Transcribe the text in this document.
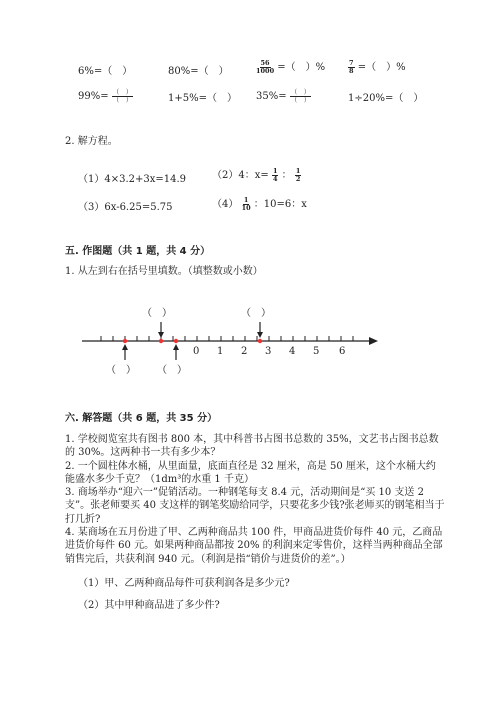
6%=（　）	80%=（　）	$\frac{56}{1000}$ =（　）%	$\frac{7}{8}$ =（　）%
$99\%= \frac{( )}{( )}$	1+5%=（　） $35\%= \frac{( )}{( )}$	1÷20%=（　）
2. 解方程。
（1）4×3.2+3x=14.9	（2）4：$x= \frac{1}{4}$ ： $\frac{1}{2}$
（3）6x-6.25=5.75	$(4) \frac{1}{10}$ ：10=6：x
五. 作图题（共 1 题，共 4 分）
1. 从左到右在括号里填数。（填整数或小数）
0 1 2 3 4 5 6
（　）	（　）
（　） （　）
六. 解答题（共 6 题，共 35 分）

1. 学校阅览室共有图书 800 本，其中科普书占图书总数的 35%，文艺书占图书总数的 30%。这两种书一共有多少本？

2. 一个圆柱体水桶，从里面量，底面直径是 32 厘米，高是 50 厘米，这个水桶大约能盛水多少千克？（1dm³的水重 1 千克）

3. 商场举办“迎六一”促销活动。一种钢笔每支 8.4 元，活动期间是“买 10 支送 2 支”。张老师要买 40 支这样的钢笔奖励给同学，只要花多少钱?张老师买的钢笔相当于打几折?

4. 某商场在五月份进了甲、乙两种商品共 100 件，甲商品进货价每件 40 元，乙商品进货价每件 60 元。如果两种商品都按 20% 的利润来定零售价，这样当两种商品全部销售完后，共获利润 940 元。（利润是指“销价与进货价的差”。）

（1）甲、乙两种商品每件可获利润各是多少元?
（2）其中甲种商品进了多少件?
